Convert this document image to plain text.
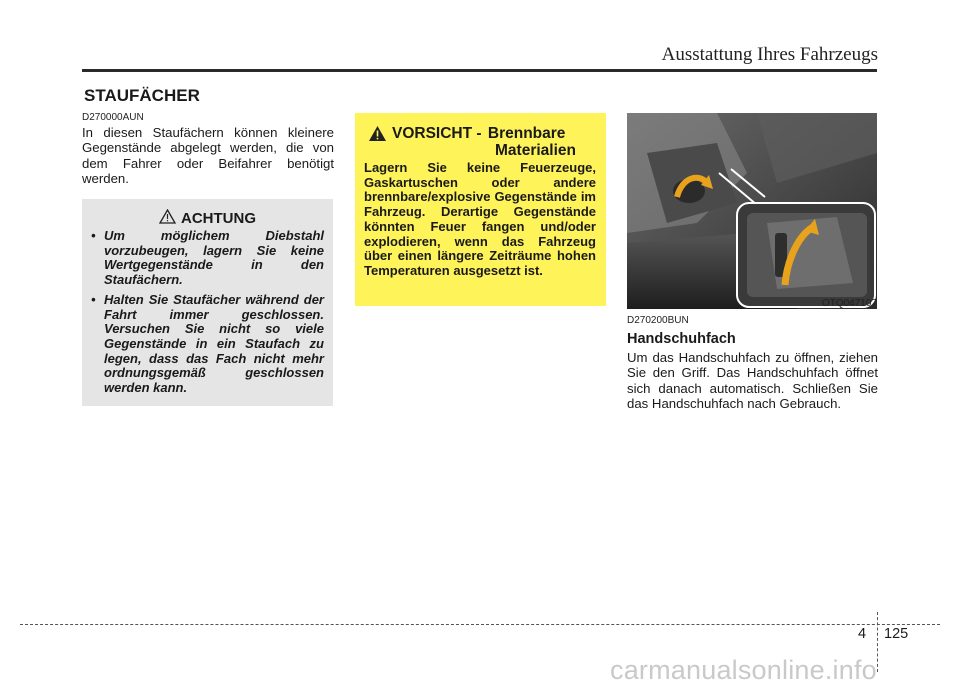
Ausstattung Ihres Fahrzeugs
STAUFÄCHER
D270000AUN
In diesen Staufächern können kleinere Gegenstände abgelegt werden, die von dem Fahrer oder Beifahrer benötigt werden.
ACHTUNG
• Um möglichem Diebstahl vorzubeugen, lagern Sie keine Wertgegenstände in den Staufächern.
• Halten Sie Staufächer während der Fahrt immer geschlossen. Versuchen Sie nicht so viele Gegenstände in ein Staufach zu legen, dass das Fach nicht mehr ordnungsgemäß geschlossen werden kann.
VORSICHT - Brennbare
Materialien
Lagern Sie keine Feuerzeuge, Gaskartuschen oder andere brennbare/explosive Gegenstände im Fahrzeug. Derartige Gegenstände könnten Feuer fangen und/oder explodieren, wenn das Fahrzeug über einen längere Zeiträume hohen Temperaturen ausgesetzt ist.
OTQ047107
D270200BUN
Handschuhfach
Um das Handschuhfach zu öffnen, ziehen Sie den Griff. Das Handschuhfach öffnet sich danach automatisch. Schließen Sie das Handschuhfach nach Gebrauch.
4 125
carmanualsonline.info
